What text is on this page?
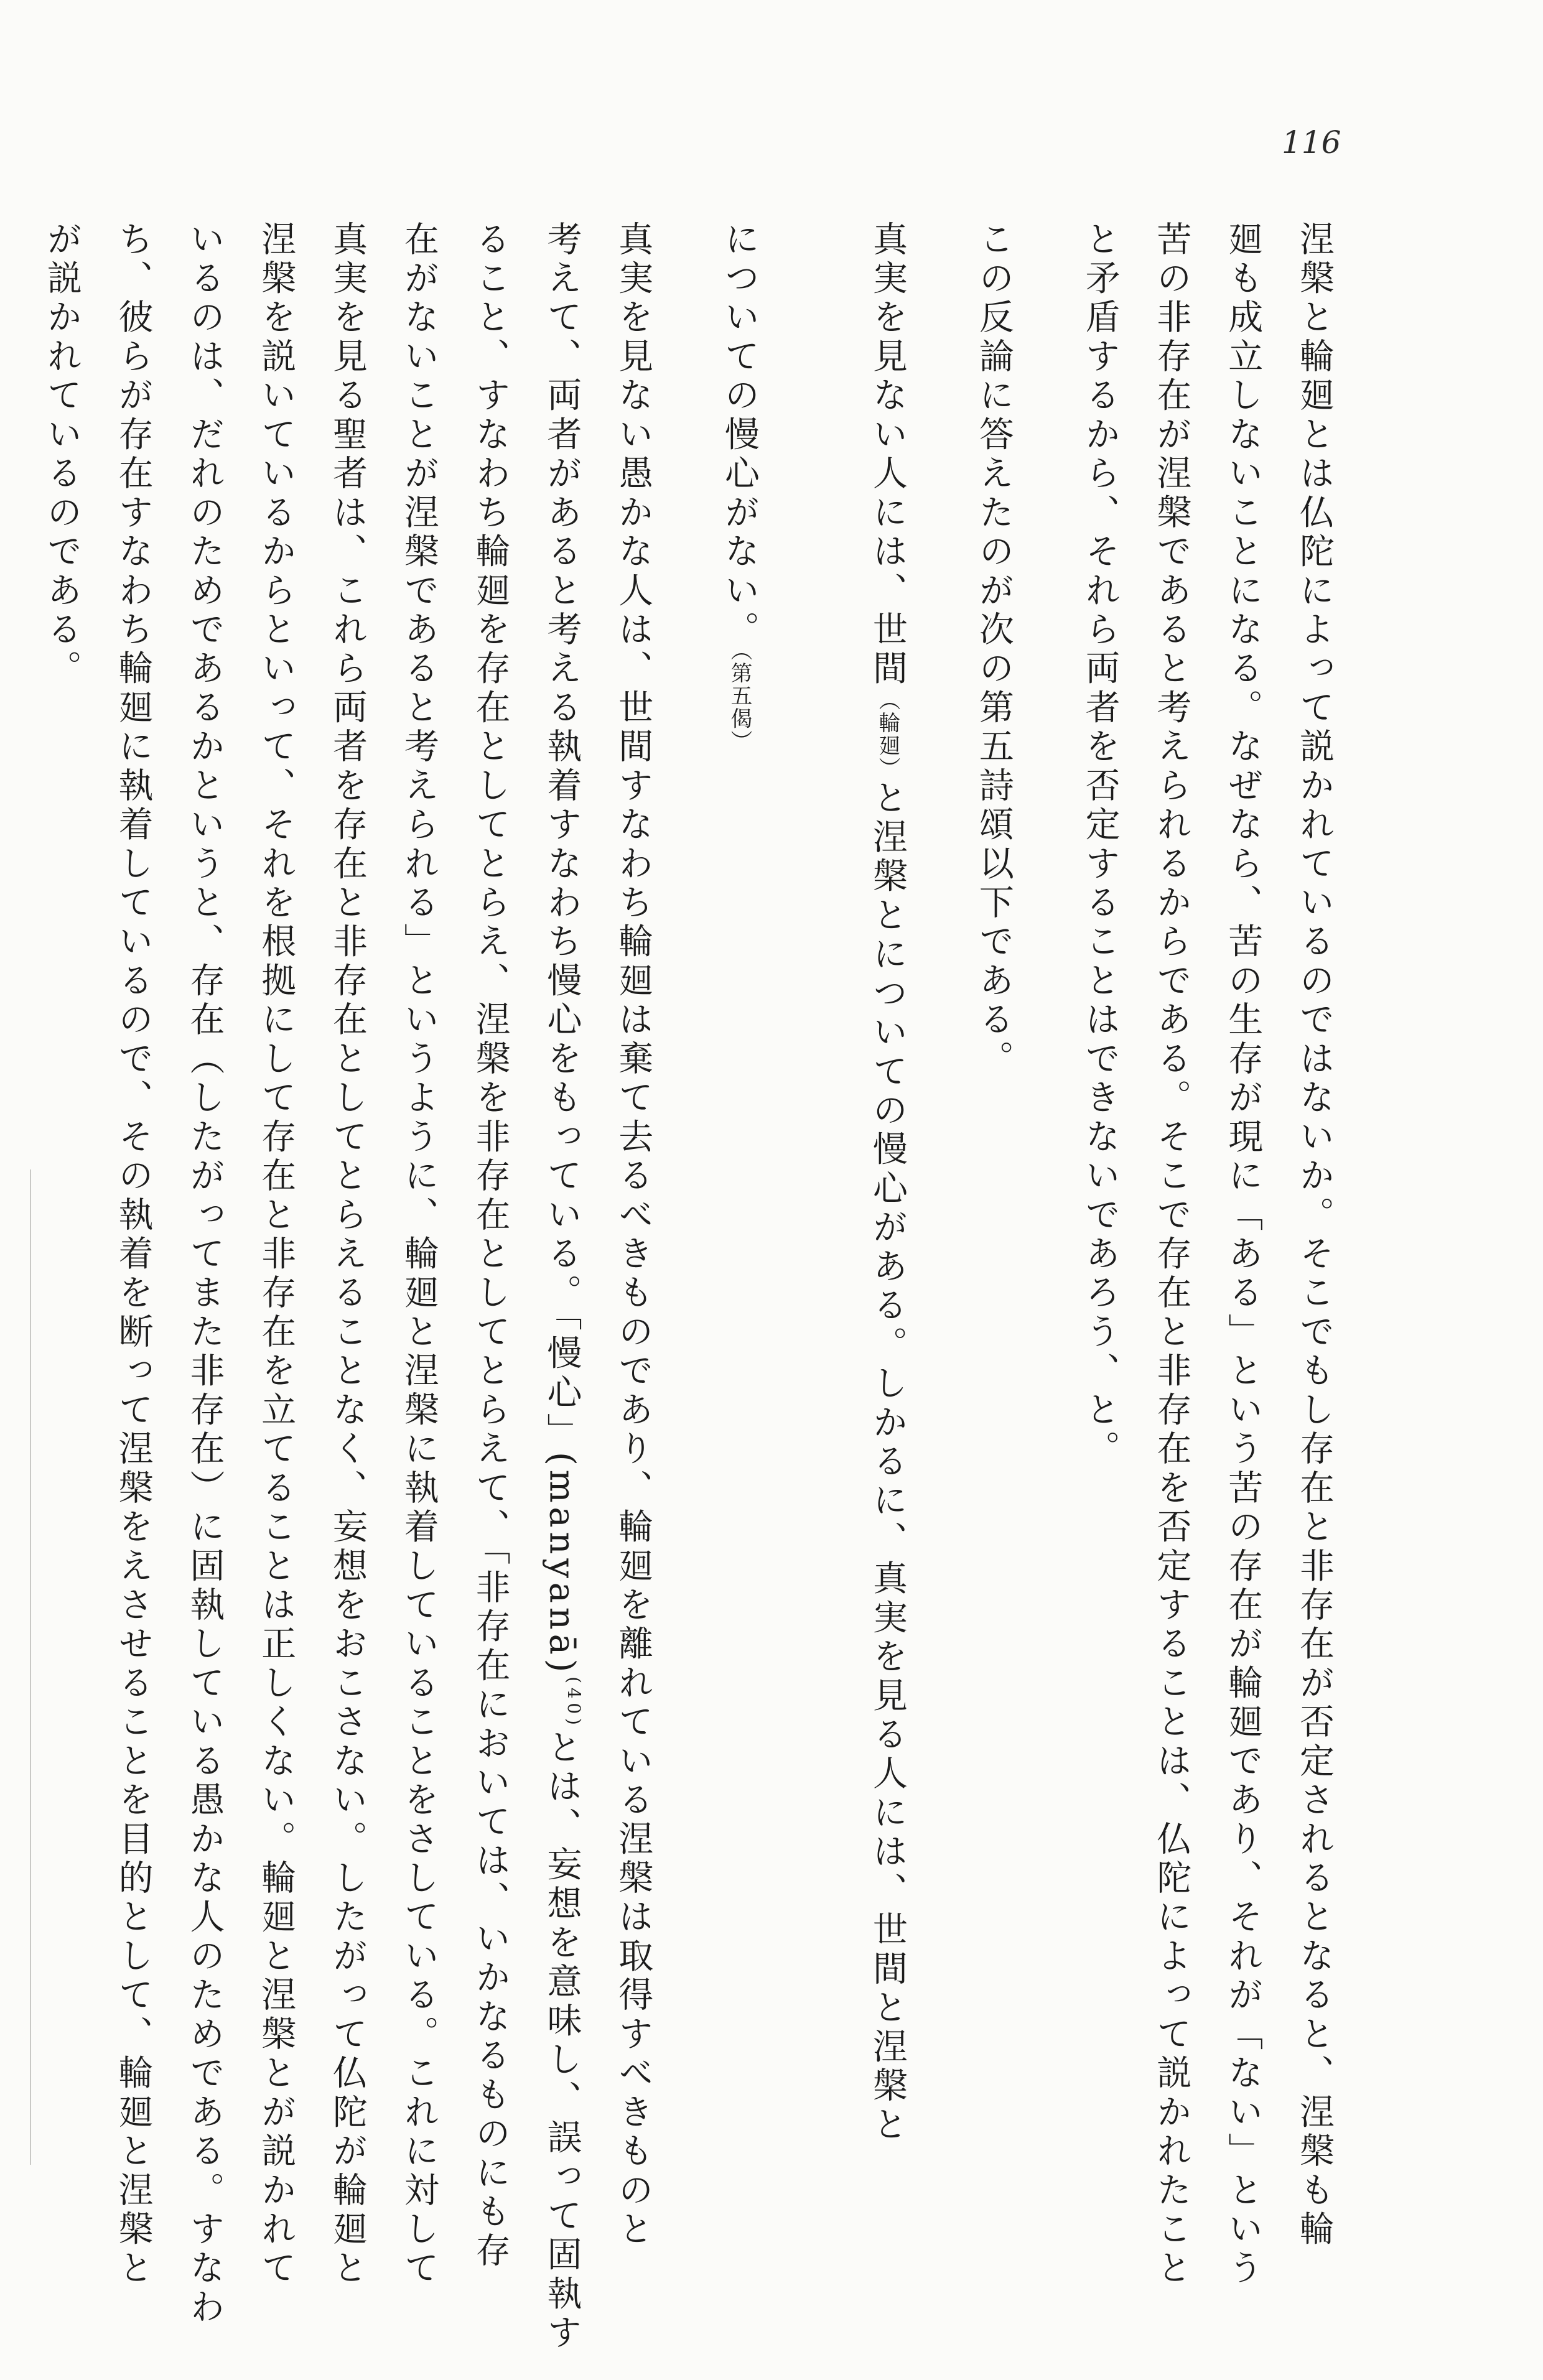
116
涅槃と輪廻とは仏陀によって説かれているのではないか。そこでもし存在と非存在が否定されるとなると、涅槃も輪
廻も成立しないことになる。なぜなら、苦の生存が現に「ある」という苦の存在が輪廻であり、それが「ない」という
苦の非存在が涅槃であると考えられるからである。そこで存在と非存在を否定することは、仏陀によって説かれたこと
と矛盾するから、それら両者を否定することはできないであろう、と。
この反論に答えたのが次の第五詩頌以下である。
真実を見ない人には、世間（輪廻）と涅槃とについての慢心がある。しかるに、真実を見る人には、世間と涅槃と
についての慢心がない。（第五偈）
真実を見ない愚かな人は、世間すなわち輪廻は棄て去るべきものであり、輪廻を離れている涅槃は取得すべきものと
考えて、両者があると考える執着すなわち慢心をもっている。「慢心」(manyanā)$^{(40)}$とは、妄想を意味し、誤って固執す
ること、すなわち輪廻を存在としてとらえ、涅槃を非存在としてとらえて、「非存在においては、いかなるものにも存
在がないことが涅槃であると考えられる」というように、輪廻と涅槃に執着していることをさしている。これに対して
真実を見る聖者は、これら両者を存在と非存在としてとらえることなく、妄想をおこさない。したがって仏陀が輪廻と
涅槃を説いているからといって、それを根拠にして存在と非存在を立てることは正しくない。輪廻と涅槃とが説かれて
いるのは、だれのためであるかというと、存在（したがってまた非存在）に固執している愚かな人のためである。すなわ
ち、彼らが存在すなわち輪廻に執着しているので、その執着を断って涅槃をえさせることを目的として、輪廻と涅槃と
が説かれているのである。
